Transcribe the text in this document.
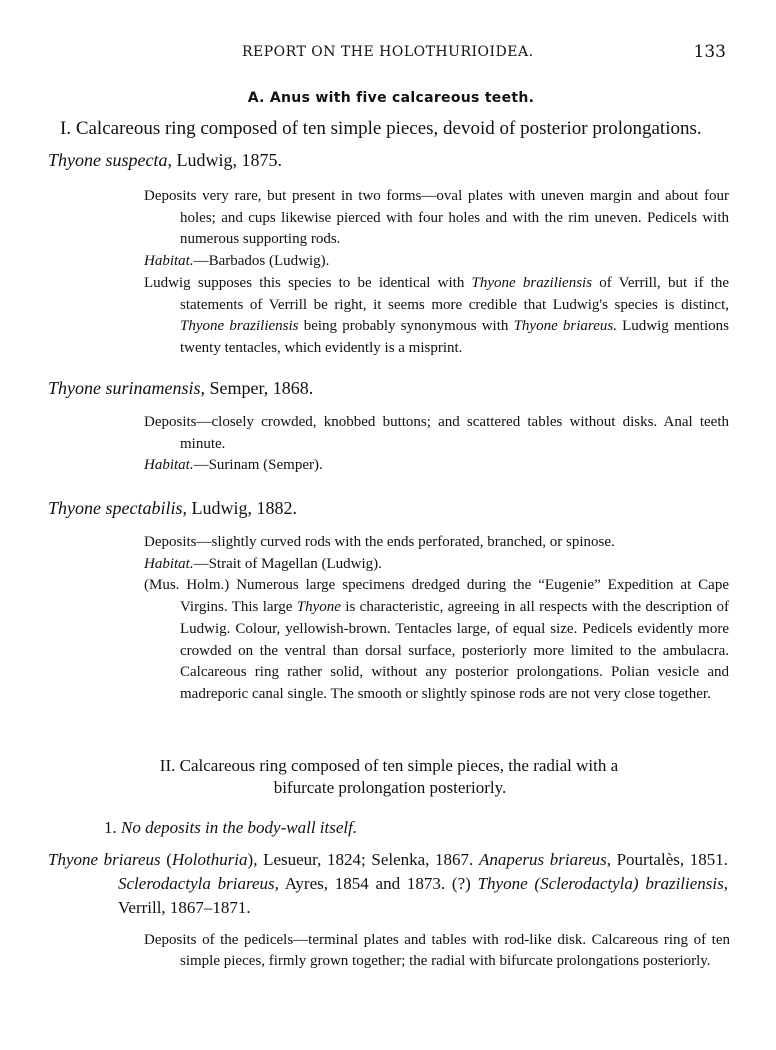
REPORT ON THE HOLOTHURIOIDEA.	133
A. Anus with five calcareous teeth.
I. Calcareous ring composed of ten simple pieces, devoid of posterior prolongations.
Thyone suspecta, Ludwig, 1875.
Deposits very rare, but present in two forms—oval plates with uneven margin and about four holes; and cups likewise pierced with four holes and with the rim uneven. Pedicels with numerous supporting rods.
Habitat.—Barbados (Ludwig).
Ludwig supposes this species to be identical with Thyone braziliensis of Verrill, but if the statements of Verrill be right, it seems more credible that Ludwig's species is distinct, Thyone braziliensis being probably synonymous with Thyone briareus. Ludwig mentions twenty tentacles, which evidently is a misprint.
Thyone surinamensis, Semper, 1868.
Deposits—closely crowded, knobbed buttons; and scattered tables without disks. Anal teeth minute.
Habitat.—Surinam (Semper).
Thyone spectabilis, Ludwig, 1882.
Deposits—slightly curved rods with the ends perforated, branched, or spinose.
Habitat.—Strait of Magellan (Ludwig).
(Mus. Holm.) Numerous large specimens dredged during the “Eugenie” Expedition at Cape Virgins. This large Thyone is characteristic, agreeing in all respects with the description of Ludwig. Colour, yellowish-brown. Tentacles large, of equal size. Pedicels evidently more crowded on the ventral than dorsal surface, posteriorly more limited to the ambulacra. Calcareous ring rather solid, without any posterior prolongations. Polian vesicle and madreporic canal single. The smooth or slightly spinose rods are not very close together.
II. Calcareous ring composed of ten simple pieces, the radial with a
bifurcate prolongation posteriorly.
1. No deposits in the body-wall itself.
Thyone briareus (Holothuria), Lesueur, 1824; Selenka, 1867. Anaperus briareus, Pourtalès, 1851. Sclerodactyla briareus, Ayres, 1854 and 1873. (?) Thyone (Sclerodactyla) braziliensis, Verrill, 1867–1871.
Deposits of the pedicels—terminal plates and tables with rod-like disk. Calcareous ring of ten simple pieces, firmly grown together; the radial with bifurcate prolongations posteriorly.
